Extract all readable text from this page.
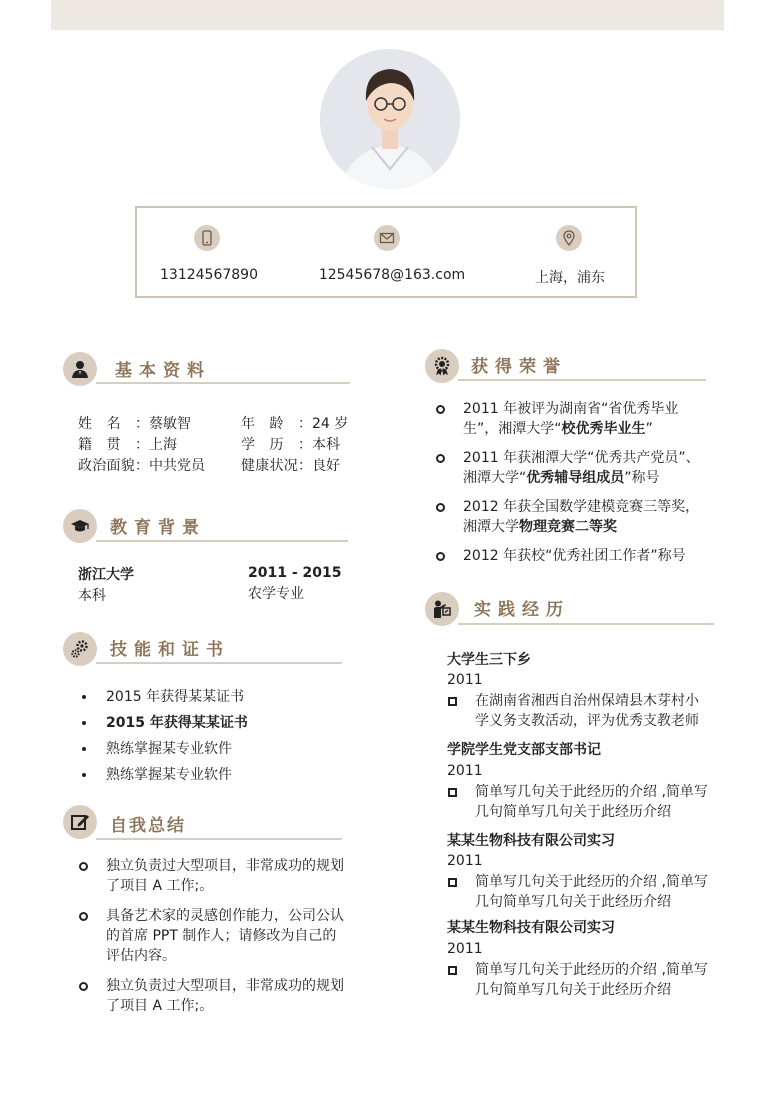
13124567890	12545678@163.com	上海，浦东
基本资料
姓名：蔡敏智
籍贯：上海
政治面貌：中共党员
年龄：24 岁
学历：本科
健康状况：良好
教育背景
浙江大学
本科
2011 - 2015
农学专业
技能和证书
2015 年获得某某证书
2015 年获得某某证书
熟练掌握某专业软件
熟练掌握某专业软件
自我总结
独立负责过大型项目，非常成功的规划了项目 A 工作;。
具备艺术家的灵感创作能力，公司公认的首席 PPT 制作人；请修改为自己的评估内容。
独立负责过大型项目，非常成功的规划了项目 A 工作;。
获得荣誉
2011 年被评为湖南省“省优秀毕业生”，湘潭大学“校优秀毕业生”
2011 年获湘潭大学“优秀共产党员”、湘潭大学“优秀辅导组成员”称号
2012 年获全国数学建模竞赛三等奖，湘潭大学物理竞赛二等奖
2012 年获校“优秀社团工作者”称号
实践经历
大学生三下乡
2011
在湖南省湘西自治州保靖县木芽村小学义务支教活动，评为优秀支教老师
学院学生党支部支部书记
2011
简单写几句关于此经历的介绍 ,简单写几句简单写几句关于此经历介绍
某某生物科技有限公司实习
2011
简单写几句关于此经历的介绍 ,简单写几句简单写几句关于此经历介绍
某某生物科技有限公司实习
2011
简单写几句关于此经历的介绍 ,简单写几句简单写几句关于此经历介绍
